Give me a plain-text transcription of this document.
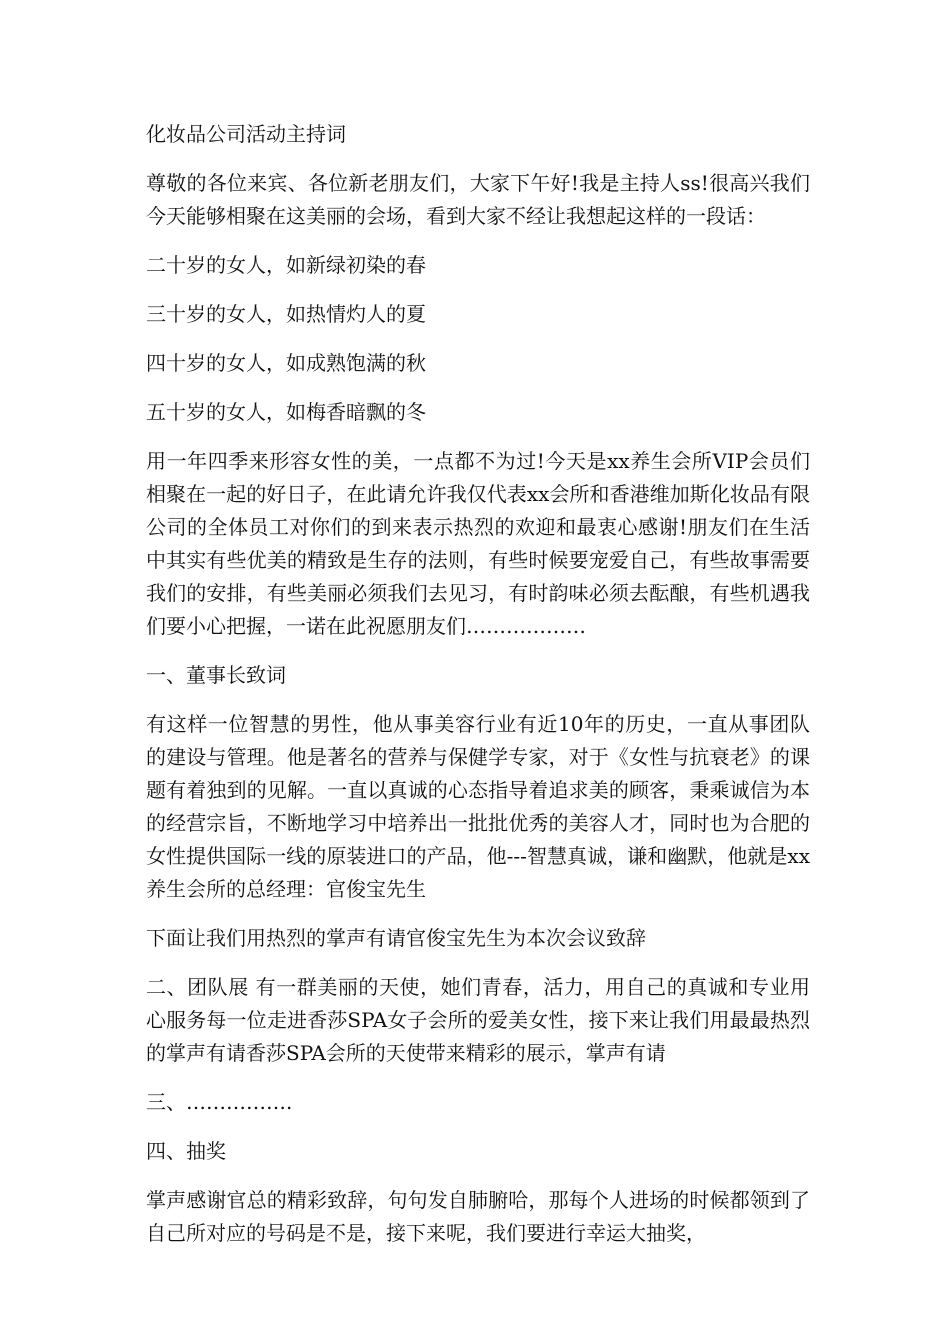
化妆品公司活动主持词

尊敬的各位来宾、各位新老朋友们，大家下午好!我是主持人ss!很高兴我们今天能够相聚在这美丽的会场，看到大家不经让我想起这样的一段话：

二十岁的女人，如新绿初染的春

三十岁的女人，如热情灼人的夏

四十岁的女人，如成熟饱满的秋

五十岁的女人，如梅香暗飘的冬

用一年四季来形容女性的美，一点都不为过!今天是xx养生会所VIP会员们相聚在一起的好日子，在此请允许我仅代表xx会所和香港维加斯化妆品有限公司的全体员工对你们的到来表示热烈的欢迎和最衷心感谢!朋友们在生活中其实有些优美的精致是生存的法则，有些时候要宠爱自己，有些故事需要我们的安排，有些美丽必须我们去见习，有时韵味必须去酝酿，有些机遇我们要小心把握，一诺在此祝愿朋友们………………

一、董事长致词

有这样一位智慧的男性，他从事美容行业有近10年的历史，一直从事团队的建设与管理。他是著名的营养与保健学专家，对于《女性与抗衰老》的课题有着独到的见解。一直以真诚的心态指导着追求美的顾客，秉乘诚信为本的经营宗旨，不断地学习中培养出一批批优秀的美容人才，同时也为合肥的女性提供国际一线的原装进口的产品，他---智慧真诚，谦和幽默，他就是xx养生会所的总经理：官俊宝先生

下面让我们用热烈的掌声有请官俊宝先生为本次会议致辞

二、团队展 有一群美丽的天使，她们青春，活力，用自己的真诚和专业用心服务每一位走进香莎SPA女子会所的爱美女性，接下来让我们用最最热烈的掌声有请香莎SPA会所的天使带来精彩的展示，掌声有请

三、…………….

四、抽奖

掌声感谢官总的精彩致辞，句句发自肺腑哈，那每个人进场的时候都领到了自己所对应的号码是不是，接下来呢，我们要进行幸运大抽奖，
